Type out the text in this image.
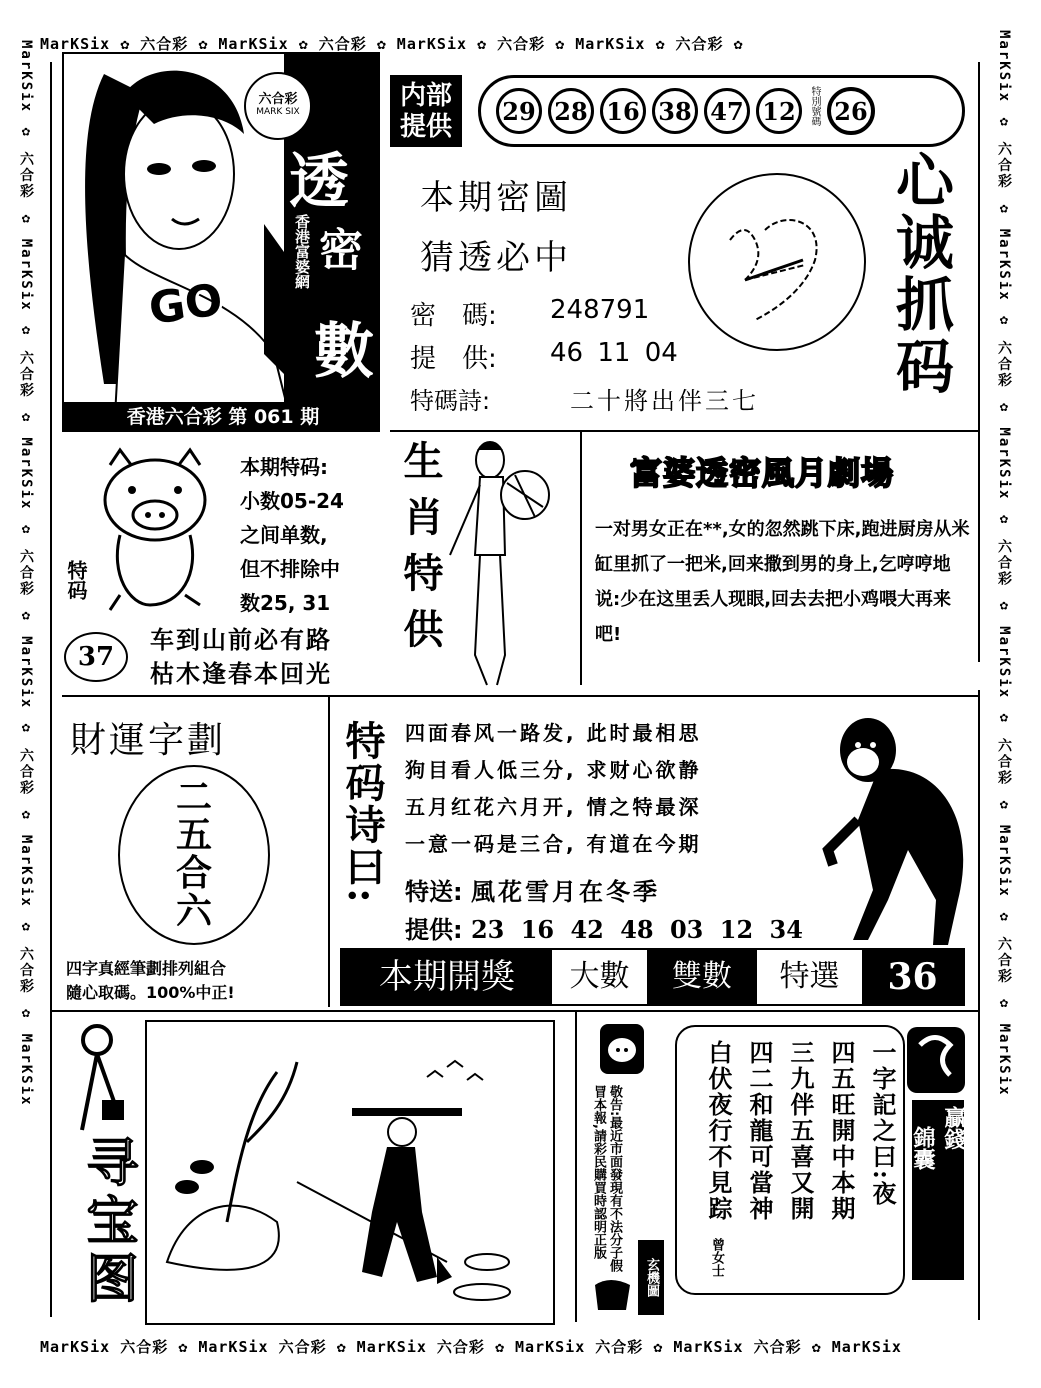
MarKSix ✿ 六合彩 ✿ MarKSix ✿ 六合彩 ✿ MarKSix ✿ 六合彩 ✿ MarKSix ✿ 六合彩 ✿
MarKSix 六合彩 ✿ MarKSix 六合彩 ✿ MarKSix 六合彩 ✿ MarKSix 六合彩 ✿ MarKSix 六合彩 ✿ MarKSix
MarKSix ✿ 六合彩 ✿ MarKSix ✿ 六合彩 ✿ MarKSix ✿ 六合彩 ✿ MarKSix ✿ 六合彩 ✿ MarKSix ✿ 六合彩 ✿ MarKSix	MarKSix ✿ 六合彩 ✿ MarKSix ✿ 六合彩 ✿ MarKSix ✿ 六合彩 ✿ MarKSix ✿ 六合彩 ✿ MarKSix ✿ 六合彩 ✿ MarKSix
GO
六合彩
MARK SIX
透
香港富婆網 密
數
香港六合彩 第 061 期
内部提供
29 28 16 38 47 12	特別號碼 26
本期密圖
猜透必中
密　碼: 248791
提　供: 46 11 04
特碼詩:	二十將出伴三七
心诚抓码
本期特码:
小数05-24
之间单数,
但不排除中
数25, 31
特码
37
车到山前必有路
枯木逢春本回光
生肖特供	富婆透密風月劇場
一对男女正在**,女的忽然跳下床,跑进厨房从米缸里抓了一把米,回来撒到男的身上,乞哼哼地说:少在这里丢人现眼,回去去把小鸡喂大再来吧!
財運字劃
二
五
合
六
四字真經筆劃排列組合
隨心取碼。100%中正!
特码诗曰: 四面春风一路发, 此时最相思
狗目看人低三分, 求财心欲静
五月红花六月开, 情之特最深
一意一码是三合, 有道在今期
特送: 風花雪月在冬季
提供: 23 16 42 48 03 12 34
本期開獎	大數	雙數	特選	36
寻宝图	敬告:最近市面發現有不法分子假冒本報,請彩民購買時認明正版
玄機圖
一字記之曰:夜
四五旺開中本期
三九伴五喜又開
四二和龍可當神
白伏夜行不見踪
曾女士
贏錢
錦囊
